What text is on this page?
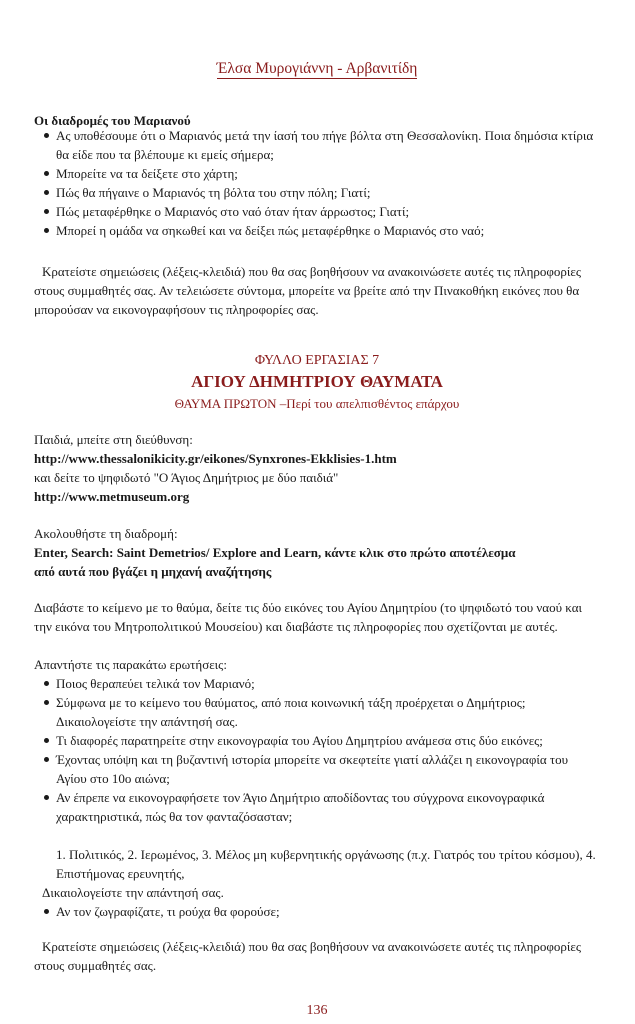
Έλσα Μυρογιάννη - Αρβανιτίδη
Οι διαδρομές του Μαριανού
Ας υποθέσουμε ότι ο Μαριανός μετά την ίασή του πήγε βόλτα στη Θεσσαλονίκη. Ποια δημόσια κτίρια θα είδε που τα βλέπουμε κι εμείς σήμερα;
Μπορείτε να τα δείξετε στο χάρτη;
Πώς θα πήγαινε ο Μαριανός τη βόλτα του στην πόλη; Γιατί;
Πώς μεταφέρθηκε ο Μαριανός στο ναό όταν ήταν άρρωστος; Γιατί;
Μπορεί η ομάδα να σηκωθεί και να δείξει πώς μεταφέρθηκε ο Μαριανός στο ναό;
Κρατείστε σημειώσεις (λέξεις-κλειδιά) που θα σας βοηθήσουν να ανακοινώσετε αυτές τις πληροφορίες στους συμμαθητές σας. Αν τελειώσετε σύντομα, μπορείτε να βρείτε από την Πινακοθήκη εικόνες που θα μπορούσαν να εικονογραφήσουν τις πληροφορίες σας.
ΦΥΛΛΟ ΕΡΓΑΣΙΑΣ 7
ΑΓΙΟΥ ΔΗΜΗΤΡΙΟΥ ΘΑΥΜΑΤΑ
ΘΑΥΜΑ ΠΡΩΤΟΝ –Περί του απελπισθέντος επάρχου
Παιδιά, μπείτε στη διεύθυνση:
http://www.thessalonikicity.gr/eikones/Synxrones-Ekklisies-1.htm
και δείτε το ψηφιδωτό "Ο Άγιος Δημήτριος με δύο παιδιά"
http://www.metmuseum.org
Ακολουθήστε τη διαδρομή:
Enter, Search: Saint Demetrios/ Explore and Learn, κάντε κλικ στο πρώτο αποτέλεσμα
από αυτά που βγάζει η μηχανή αναζήτησης
Διαβάστε το κείμενο με το θαύμα, δείτε τις δύο εικόνες του Αγίου Δημητρίου (το ψηφιδωτό του ναού και την εικόνα του Μητροπολιτικού Μουσείου) και διαβάστε τις πληροφορίες που σχετίζονται με αυτές.
Απαντήστε τις παρακάτω ερωτήσεις:
Ποιος θεραπεύει τελικά τον Μαριανό;
Σύμφωνα με το κείμενο του θαύματος, από ποια κοινωνική τάξη προέρχεται ο Δημήτριος; Δικαιολογείστε την απάντησή σας.
Τι διαφορές παρατηρείτε στην εικονογραφία του Αγίου Δημητρίου ανάμεσα στις δύο εικόνες;
Έχοντας υπόψη και τη βυζαντινή ιστορία μπορείτε να σκεφτείτε γιατί αλλάζει η εικονογραφία του Αγίου στο 10ο αιώνα;
Αν έπρεπε να εικονογραφήσετε τον Άγιο Δημήτριο αποδίδοντας του σύγχρονα εικονογραφικά χαρακτηριστικά, πώς θα τον φανταζόσασταν;
1. Πολιτικός, 2. Ιερωμένος, 3. Μέλος μη κυβερνητικής οργάνωσης (π.χ. Γιατρός του τρίτου κόσμου), 4. Επιστήμονας ερευνητής,
Δικαιολογείστε την απάντησή σας.
Αν τον ζωγραφίζατε, τι ρούχα θα φορούσε;
Κρατείστε σημειώσεις (λέξεις-κλειδιά) που θα σας βοηθήσουν να ανακοινώσετε αυτές τις πληροφορίες στους συμμαθητές σας.
136
